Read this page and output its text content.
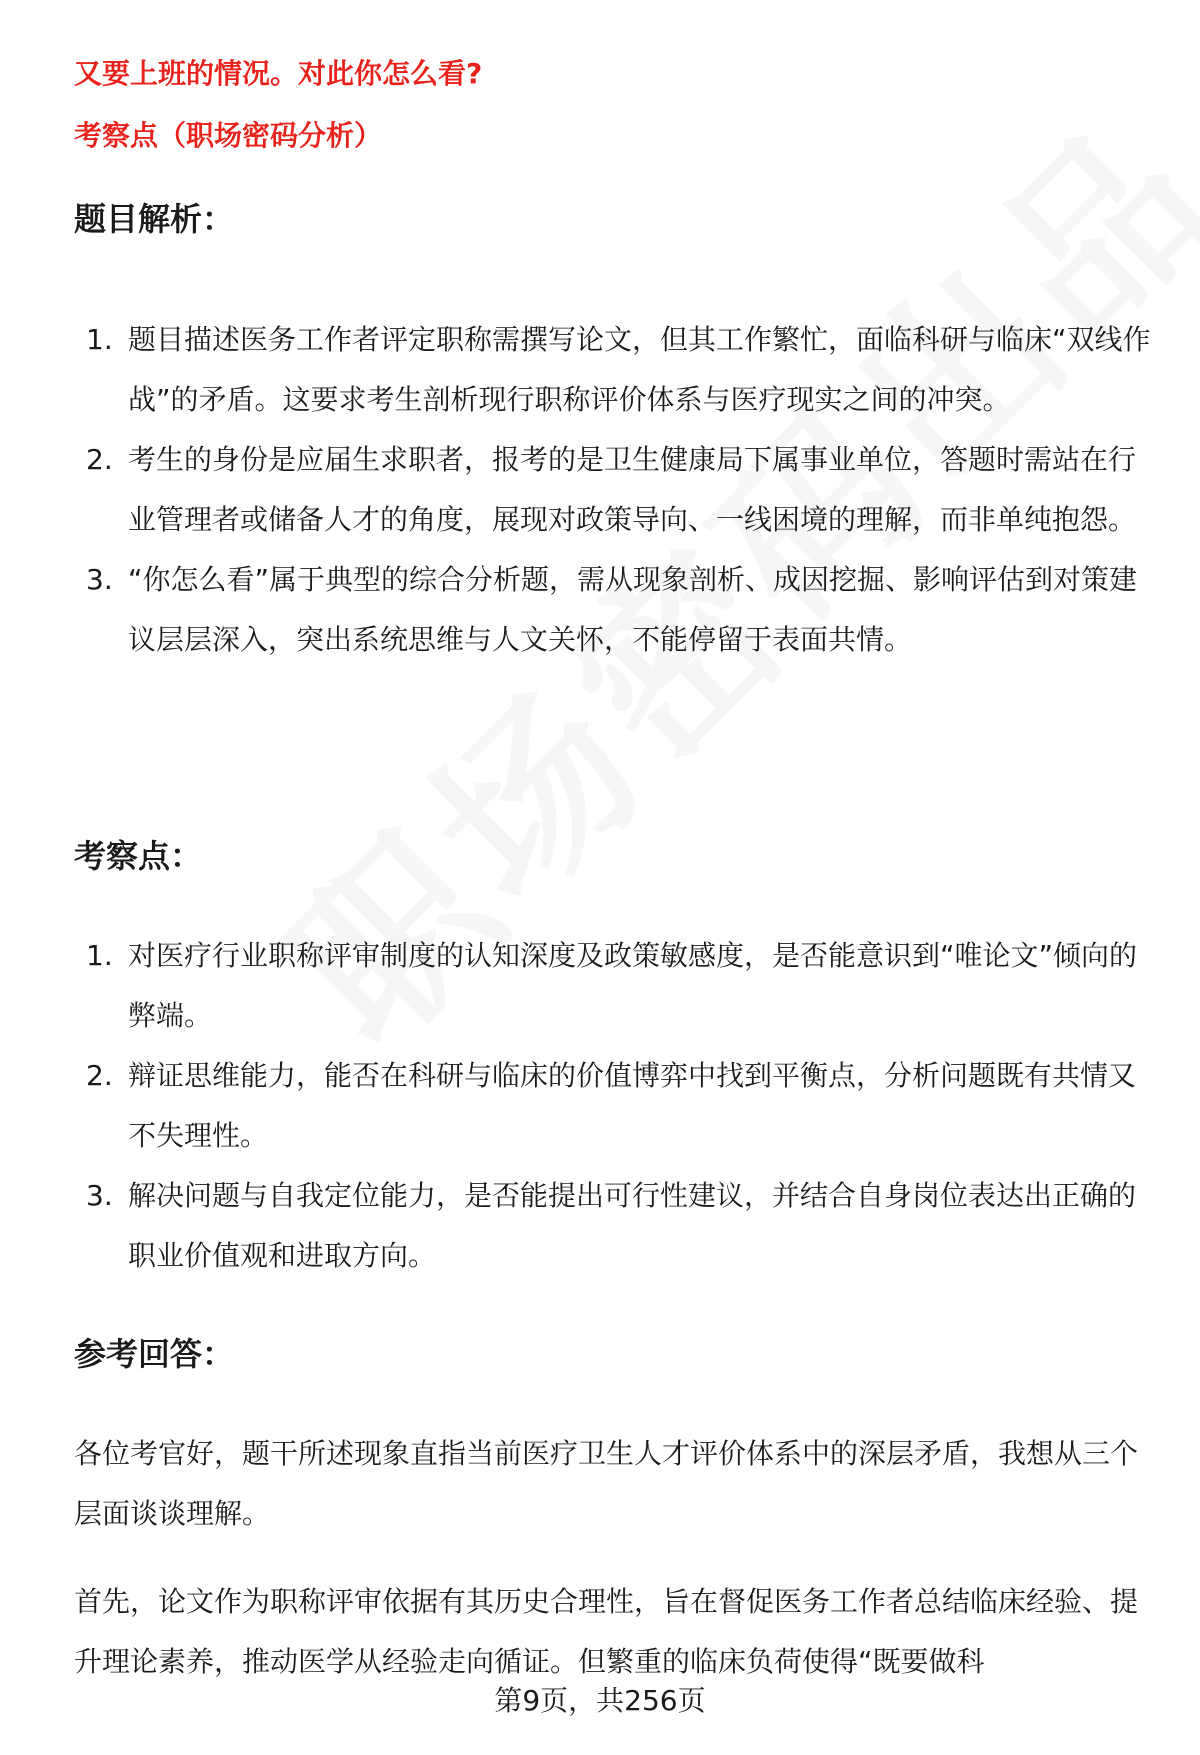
又要上班的情况。对此你怎么看?
考察点（职场密码分析）
题目解析：
1. 题目描述医务工作者评定职称需撰写论文，但其工作繁忙，面临科研与临床“双线作战”的矛盾。这要求考生剖析现行职称评价体系与医疗现实之间的冲突。
2. 考生的身份是应届生求职者，报考的是卫生健康局下属事业单位，答题时需站在行业管理者或储备人才的角度，展现对政策导向、一线困境的理解，而非单纯抱怨。
3. “你怎么看”属于典型的综合分析题，需从现象剖析、成因挖掘、影响评估到对策建议层层深入，突出系统思维与人文关怀，不能停留于表面共情。
考察点：
1. 对医疗行业职称评审制度的认知深度及政策敏感度，是否能意识到“唯论文”倾向的弊端。
2. 辩证思维能力，能否在科研与临床的价值博弈中找到平衡点，分析问题既有共情又不失理性。
3. 解决问题与自我定位能力，是否能提出可行性建议，并结合自身岗位表达出正确的职业价值观和进取方向。
参考回答：

各位考官好，题干所述现象直指当前医疗卫生人才评价体系中的深层矛盾，我想从三个层面谈谈理解。

首先，论文作为职称评审依据有其历史合理性，旨在督促医务工作者总结临床经验、提升理论素养，推动医学从经验走向循证。但繁重的临床负荷使得“既要做科

第9页，共256页
